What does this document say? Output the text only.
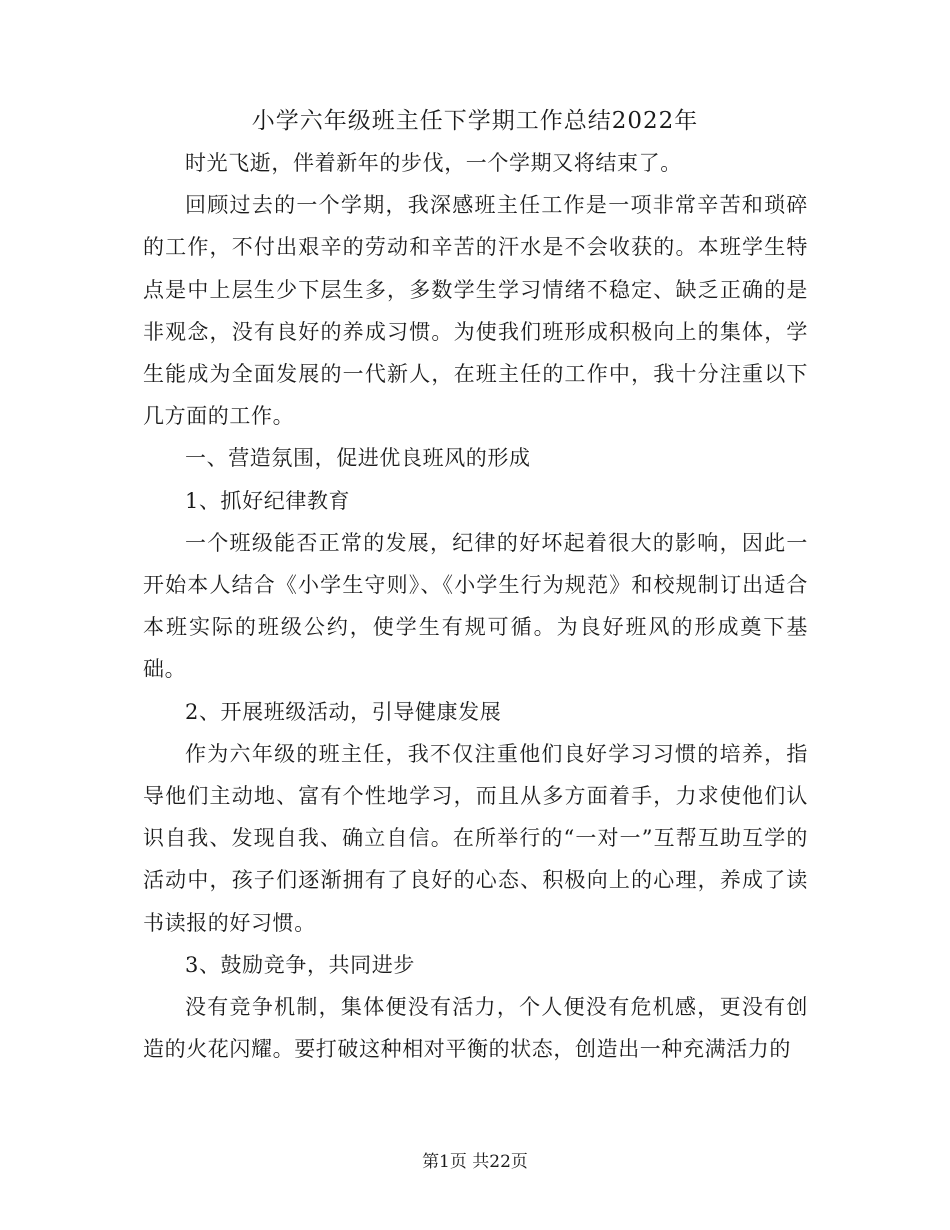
小学六年级班主任下学期工作总结2022年

时光飞逝，伴着新年的步伐，一个学期又将结束了。

回顾过去的一个学期，我深感班主任工作是一项非常辛苦和琐碎的工作，不付出艰辛的劳动和辛苦的汗水是不会收获的。本班学生特点是中上层生少下层生多，多数学生学习情绪不稳定、缺乏正确的是非观念，没有良好的养成习惯。为使我们班形成积极向上的集体，学生能成为全面发展的一代新人，在班主任的工作中，我十分注重以下几方面的工作。

一、营造氛围，促进优良班风的形成

1、抓好纪律教育

一个班级能否正常的发展，纪律的好坏起着很大的影响，因此一开始本人结合《小学生守则》、《小学生行为规范》和校规制订出适合本班实际的班级公约，使学生有规可循。为良好班风的形成奠下基础。

2、开展班级活动，引导健康发展

作为六年级的班主任，我不仅注重他们良好学习习惯的培养，指导他们主动地、富有个性地学习，而且从多方面着手，力求使他们认识自我、发现自我、确立自信。在所举行的“一对一”互帮互助互学的活动中，孩子们逐渐拥有了良好的心态、积极向上的心理，养成了读书读报的好习惯。

3、鼓励竞争，共同进步

没有竞争机制，集体便没有活力，个人便没有危机感，更没有创造的火花闪耀。要打破这种相对平衡的状态，创造出一种充满活力的

第1页 共22页
